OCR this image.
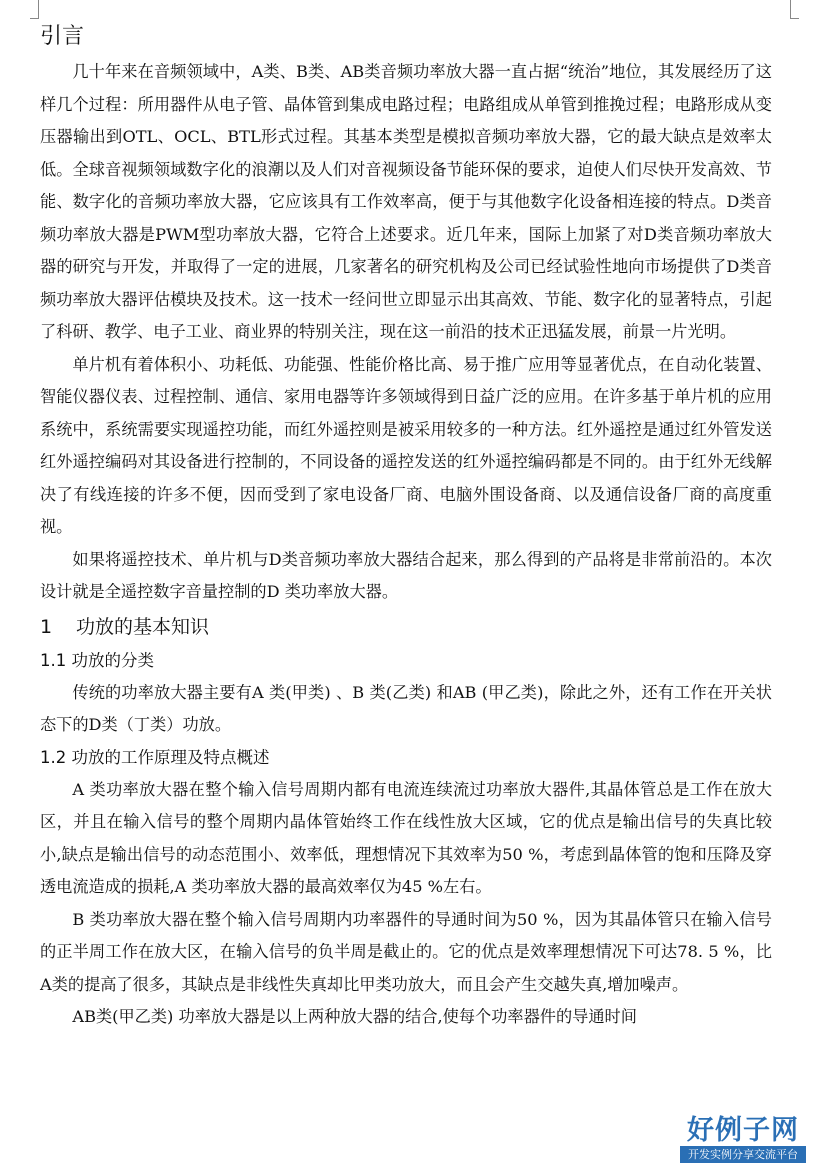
引言

几十年来在音频领域中，A类、B类、AB类音频功率放大器一直占据“统治”地位，其发展经历了这样几个过程：所用器件从电子管、晶体管到集成电路过程；电路组成从单管到推挽过程；电路形成从变压器输出到OTL、OCL、BTL形式过程。其基本类型是模拟音频功率放大器，它的最大缺点是效率太低。全球音视频领域数字化的浪潮以及人们对音视频设备节能环保的要求，迫使人们尽快开发高效、节能、数字化的音频功率放大器，它应该具有工作效率高，便于与其他数字化设备相连接的特点。D类音频功率放大器是PWM型功率放大器，它符合上述要求。近几年来，国际上加紧了对D类音频功率放大器的研究与开发，并取得了一定的进展，几家著名的研究机构及公司已经试验性地向市场提供了D类音频功率放大器评估模块及技术。这一技术一经问世立即显示出其高效、节能、数字化的显著特点，引起了科研、教学、电子工业、商业界的特别关注，现在这一前沿的技术正迅猛发展，前景一片光明。

单片机有着体积小、功耗低、功能强、性能价格比高、易于推广应用等显著优点，在自动化装置、智能仪器仪表、过程控制、通信、家用电器等许多领域得到日益广泛的应用。在许多基于单片机的应用系统中，系统需要实现遥控功能，而红外遥控则是被采用较多的一种方法。红外遥控是通过红外管发送红外遥控编码对其设备进行控制的，不同设备的遥控发送的红外遥控编码都是不同的。由于红外无线解决了有线连接的许多不便，因而受到了家电设备厂商、电脑外围设备商、以及通信设备厂商的高度重视。

如果将遥控技术、单片机与D类音频功率放大器结合起来，那么得到的产品将是非常前沿的。本次设计就是全遥控数字音量控制的D 类功率放大器。

1 功放的基本知识
1.1 功放的分类

传统的功率放大器主要有A 类(甲类) 、B 类(乙类) 和AB (甲乙类)，除此之外，还有工作在开关状态下的D类（丁类）功放。

1.2 功放的工作原理及特点概述

A 类功率放大器在整个输入信号周期内都有电流连续流过功率放大器件,其晶体管总是工作在放大区，并且在输入信号的整个周期内晶体管始终工作在线性放大区域，它的优点是输出信号的失真比较小,缺点是输出信号的动态范围小、效率低，理想情况下其效率为50 %，考虑到晶体管的饱和压降及穿透电流造成的损耗,A 类功率放大器的最高效率仅为45 %左右。

B 类功率放大器在整个输入信号周期内功率器件的导通时间为50 %，因为其晶体管只在输入信号的正半周工作在放大区，在输入信号的负半周是截止的。它的优点是效率理想情况下可达78. 5 %，比A类的提高了很多，其缺点是非线性失真却比甲类功放大，而且会产生交越失真,增加噪声。

AB类(甲乙类) 功率放大器是以上两种放大器的结合,使每个功率器件的导通时间

好例子网
开发实例分享交流平台
